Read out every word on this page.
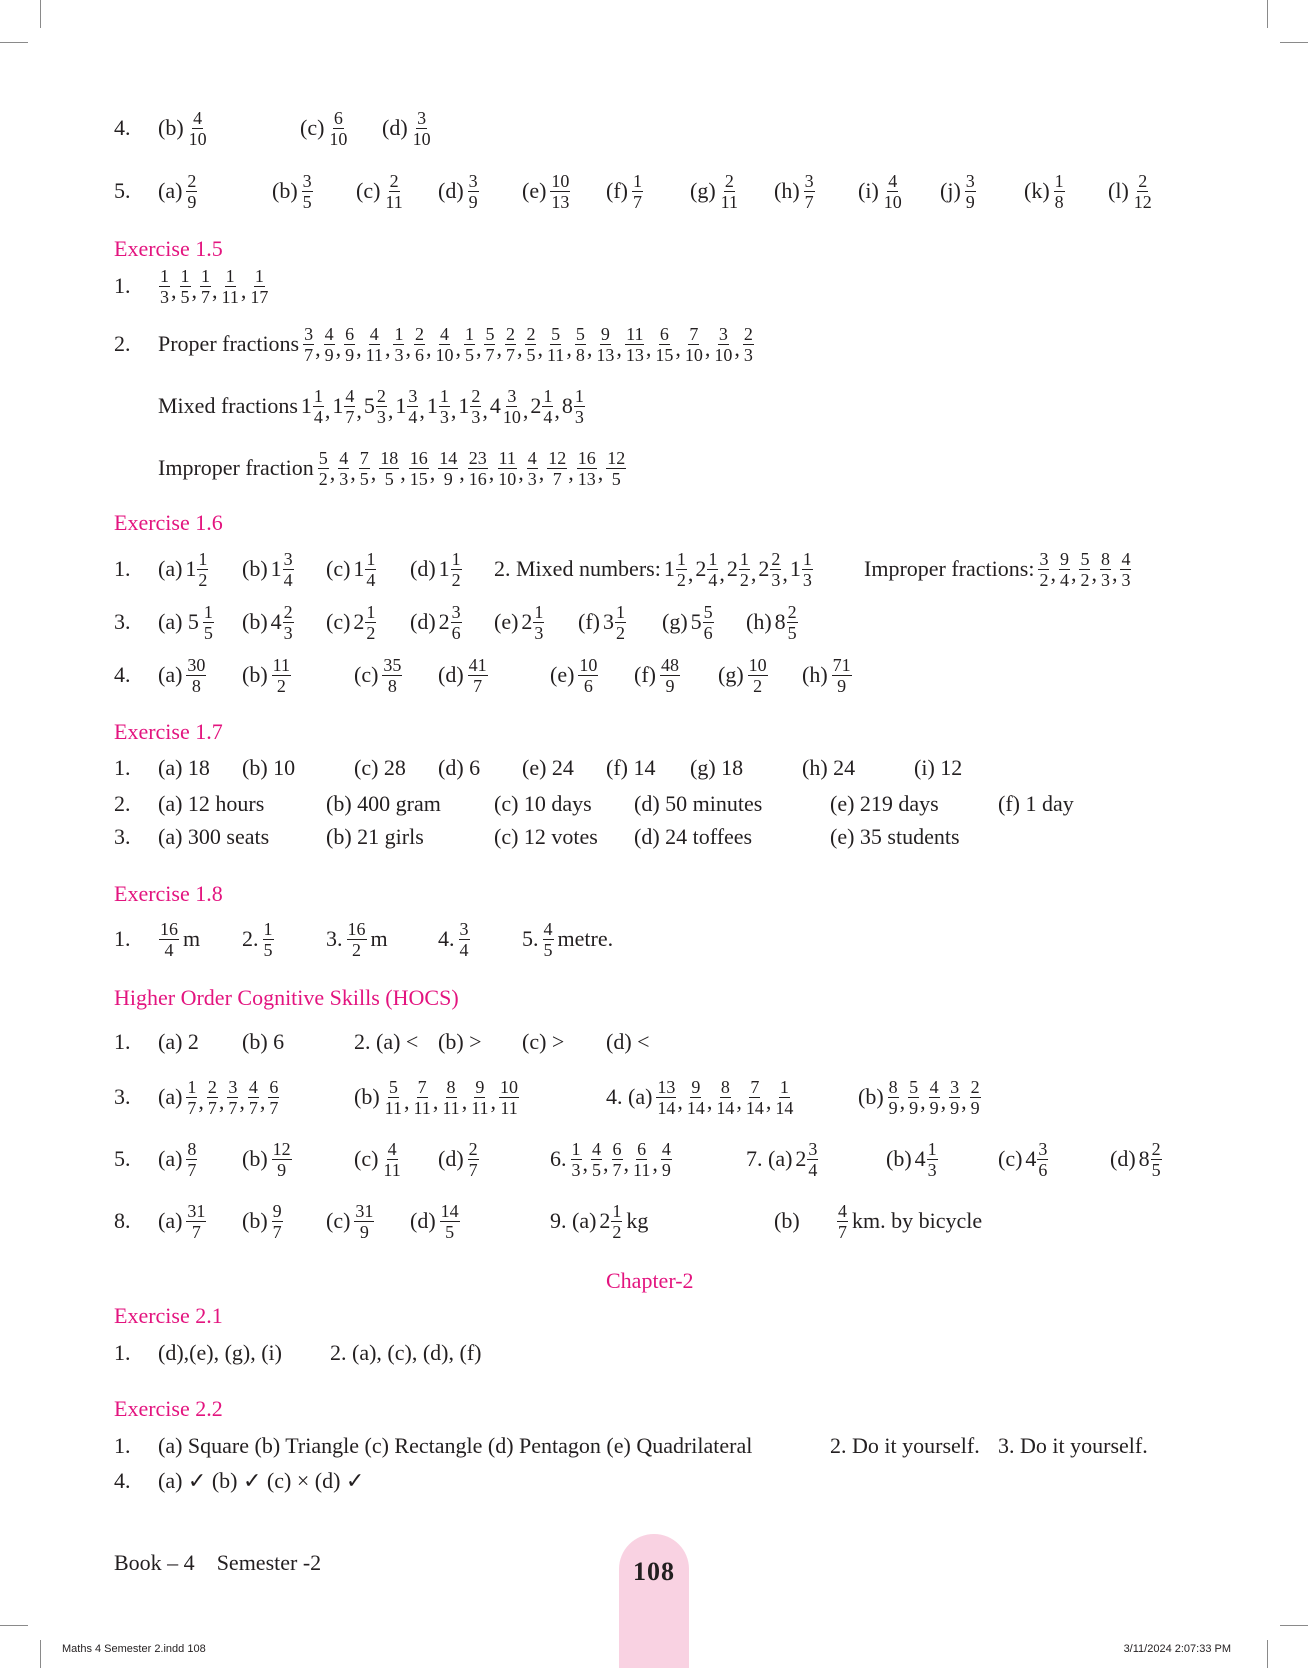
Exercise 1.5
Exercise 1.6
Exercise 1.7
Exercise 1.8
Higher Order Cognitive Skills (HOCS)
Chapter-2
Exercise 2.1
Exercise 2.2
4. $(b) \frac{4}{10}$	$(c) \frac{6}{10} (d) \frac{3}{10}$
5. $(a) \frac{2}{9}$	$(b) \frac{3}{5} (c) \frac{2}{11} (d) \frac{3}{9} (e) \frac{10}{13} (f) \frac{1}{7} (g) \frac{2}{11} (h) \frac{3}{7} (i) \frac{4}{10} (j) \frac{3}{9} (k) \frac{1}{8} (l) \frac{2}{12}$
1. $\frac{1}{3}$ , $\frac{1}{5}$ , $\frac{1}{7}$ , $\frac{1}{11}$ , $\frac{1}{17}$
2. Proper fractions $\frac{3}{7}$ , $\frac{4}{9}$ , $\frac{6}{9}$ , $\frac{4}{11}$ , $\frac{1}{3}$ , $\frac{2}{6}$ , $\frac{4}{10}$ , $\frac{1}{5}$ , $\frac{5}{7}$ , $\frac{2}{7}$ , $\frac{2}{5}$ , $\frac{5}{11}$ , $\frac{5}{8}$ , $\frac{9}{13}$ , $\frac{11}{13}$ , $\frac{6}{15}$ , $\frac{7}{10}$ , $\frac{3}{10}$ , $\frac{2}{3}$
Mixed fractions $1 \frac{1}{4}$ , $1 \frac{4}{7}$ , $5 \frac{2}{3}$ , $1 \frac{3}{4}$ , $1 \frac{1}{3}$ , $1 \frac{2}{3}$ , $4 \frac{3}{10}$ , $2 \frac{1}{4}$ , $8 \frac{1}{3}$
Improper fraction $\frac{5}{2}$ , $\frac{4}{3}$ , $\frac{7}{5}$ , $\frac{18}{5}$ , $\frac{16}{15}$ , $\frac{14}{9}$ , $\frac{23}{16}$ , $\frac{11}{10}$ , $\frac{4}{3}$ , $\frac{12}{7}$ , $\frac{16}{13}$ , $\frac{12}{5}$
1. (a) $1 \frac{1}{2} (b)$ $1 \frac{3}{4} (c)$ $1 \frac{1}{4} (d)$ $1 \frac{1}{2} 2$. Mixed numbers: $1 \frac{1}{2}$ , $2 \frac{1}{4}$ , $2 \frac{1}{2}$ , $2 \frac{2}{3}$ , $1 \frac{1}{3}$ Improper fractions: $\frac{3}{2}$ , $\frac{9}{4}$ , $\frac{5}{2}$ , $\frac{8}{3}$ , $\frac{4}{3}$
3. (a) $5 \frac{1}{5} (b)$ $4 \frac{2}{3} (c)$ $2 \frac{1}{2} (d)$ $2 \frac{3}{6} (e)$ $2 \frac{1}{3} (f)$ $3 \frac{1}{2} (g)$ $5 \frac{5}{6} (h)$ $8 \frac{2}{5}$
4. $(a) \frac{30}{8} (b) \frac{11}{2}$	$(c) \frac{35}{8} (d) \frac{41}{7}$	$(e) \frac{10}{6} (f) \frac{48}{9} (g) \frac{10}{2} (h) \frac{71}{9}$
1. (a) 18 (b) 10	(c) 28 (d) 6 (e) 24 (f) 14 (g) 18	(h) 24	(i) 12
2. (a) 12 hours	(b) 400 gram (c) 10 days (d) 50 minutes	(e) 219 days	(f) 1 day
3. (a) 300 seats	(b) 21 girls	(c) 12 votes (d) 24 toffees	(e) 35 students
1. $\frac{16}{4}$ m 2. $\frac{1}{5} 3$. $\frac{16}{2}$ m 4. $\frac{3}{4} 5$. $\frac{4}{5}$ metre.
1. (a) 2 (b) 6	2. (a) < (b) > (c) > (d) <
3. $(a) \frac{1}{7}$ , $\frac{2}{7}$ , $\frac{3}{7}$ , $\frac{4}{7}$ , $\frac{6}{7}$	$(b) \frac{5}{11}$ , $\frac{7}{11}$ , $\frac{8}{11}$ , $\frac{9}{11}$ , $\frac{10}{11}$	4. $(a) \frac{13}{14}$ , $\frac{9}{14}$ , $\frac{8}{14}$ , $\frac{7}{14}$ , $\frac{1}{14}$	$(b) \frac{8}{9}$ , $\frac{5}{9}$ , $\frac{4}{9}$ , $\frac{3}{9}$ , $\frac{2}{9}$
5. $(a) \frac{8}{7} (b) \frac{12}{9}$	$(c) \frac{4}{11} (d) \frac{2}{7}$	6. $\frac{1}{3}$ , $\frac{4}{5}$ , $\frac{6}{7}$ , $\frac{6}{11}$ , $\frac{4}{9}$	7. (a) $2 \frac{3}{4}$	(b) $4 \frac{1}{3}$	(c) $4 \frac{3}{6}$	(d) $8 \frac{2}{5}$
8. $(a) \frac{31}{7} (b) \frac{9}{7} (c) \frac{31}{9} (d) \frac{14}{5}$	9. (a) $2 \frac{1}{2}$ kg	$(b) \frac{4}{7}$ km. by bicycle
1. (d),(e), (g), (i) 2. (a), (c), (d), (f)
1. (a) Square (b) Triangle (c) Rectangle (d) Pentagon (e) Quadrilateral	2. Do it yourself. 3. Do it yourself.
4. (a) ✓ (b) ✓ (c) × (d) ✓
Book – 4 Semester -2	108
Maths 4 Semester 2.indd 108	3/11/2024 2:07:33 PM
